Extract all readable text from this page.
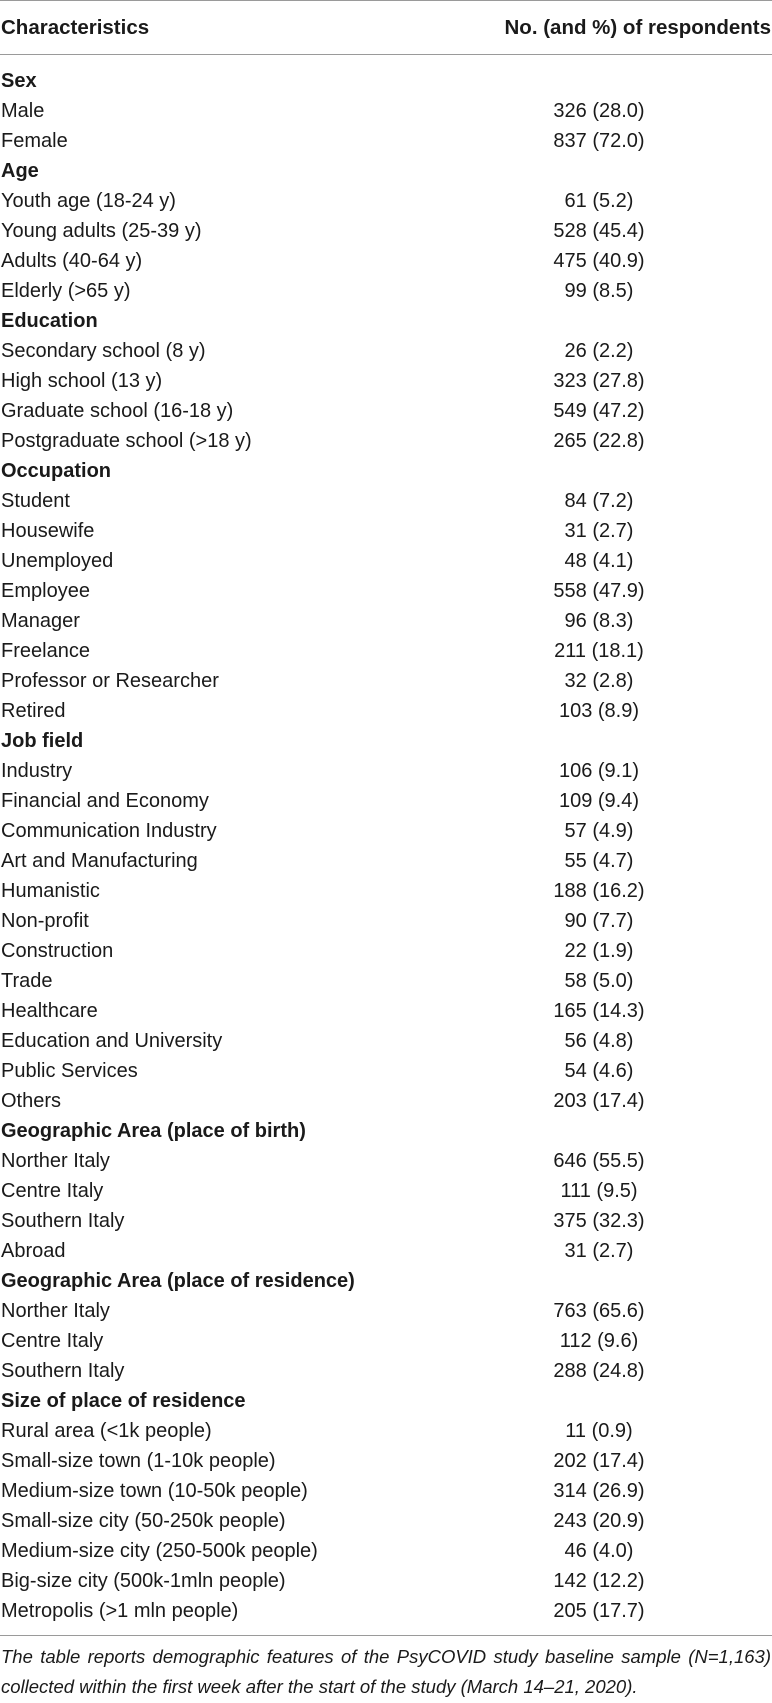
Characteristics	No. (and %) of respondents
Sex
Male	326 (28.0)
Female	837 (72.0)
Age
Youth age (18-24 y)	61 (5.2)
Young adults (25-39 y)	528 (45.4)
Adults (40-64 y)	475 (40.9)
Elderly (>65 y)	99 (8.5)
Education
Secondary school (8 y)	26 (2.2)
High school (13 y)	323 (27.8)
Graduate school (16-18 y)	549 (47.2)
Postgraduate school (>18 y)	265 (22.8)
Occupation
Student	84 (7.2)
Housewife	31 (2.7)
Unemployed	48 (4.1)
Employee	558 (47.9)
Manager	96 (8.3)
Freelance	211 (18.1)
Professor or Researcher	32 (2.8)
Retired	103 (8.9)
Job field
Industry	106 (9.1)
Financial and Economy	109 (9.4)
Communication Industry	57 (4.9)
Art and Manufacturing	55 (4.7)
Humanistic	188 (16.2)
Non-profit	90 (7.7)
Construction	22 (1.9)
Trade	58 (5.0)
Healthcare	165 (14.3)
Education and University	56 (4.8)
Public Services	54 (4.6)
Others	203 (17.4)
Geographic Area (place of birth)
Norther Italy	646 (55.5)
Centre Italy	111 (9.5)
Southern Italy	375 (32.3)
Abroad	31 (2.7)
Geographic Area (place of residence)
Norther Italy	763 (65.6)
Centre Italy	112 (9.6)
Southern Italy	288 (24.8)
Size of place of residence
Rural area (<1k people)	11 (0.9)
Small-size town (1-10k people)	202 (17.4)
Medium-size town (10-50k people)	314 (26.9)
Small-size city (50-250k people)	243 (20.9)
Medium-size city (250-500k people)	46 (4.0)
Big-size city (500k-1mln people)	142 (12.2)
Metropolis (>1 mln people)	205 (17.7)
The table reports demographic features of the PsyCOVID study baseline sample (N=1,163) collected within the first week after the start of the study (March 14–21, 2020).
